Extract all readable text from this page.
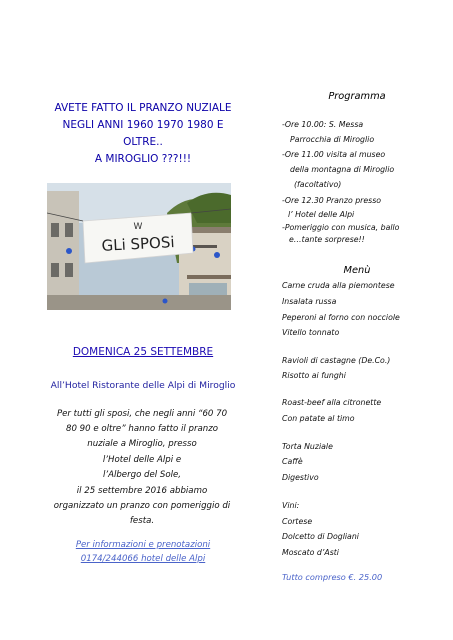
AVETE FATTO IL PRANZO NUZIALE
NEGLI ANNI 1960 1970 1980 E
OLTRE..
A MIROGLIO ???!!!
W
GLi SPOSi
DOMENICA 25 SETTEMBRE
All’Hotel Ristorante delle Alpi di Miroglio
Per tutti gli sposi, che negli anni “60 70
80 90 e oltre” hanno fatto il pranzo
nuziale a Miroglio, presso
l’Hotel delle Alpi e
l’Albergo del Sole,
il 25 settembre 2016 abbiamo
organizzato un pranzo con pomeriggio di
festa.
Per informazioni e prenotazioni
0174/244066 hotel delle Alpi
Programma
-Ore 10.00: S. Messa
Parrocchia di Miroglio
-Ore 11.00 visita al museo
della montagna di Miroglio
(facoltativo)
-Ore 12.30 Pranzo presso
l’ Hotel delle Alpi
-Pomeriggio con musica, ballo
e…tante sorprese!!
Menù
Carne cruda alla piemontese
Insalata russa
Peperoni al forno con nocciole
Vitello tonnato
Ravioli di castagne (De.Co.)
Risotto ai funghi
Roast-beef alla citronette
Con patate al timo
Torta Nuziale
Caffè
Digestivo
Vini:
Cortese
Dolcetto di Dogliani
Moscato d’Asti
Tutto compreso €. 25.00
